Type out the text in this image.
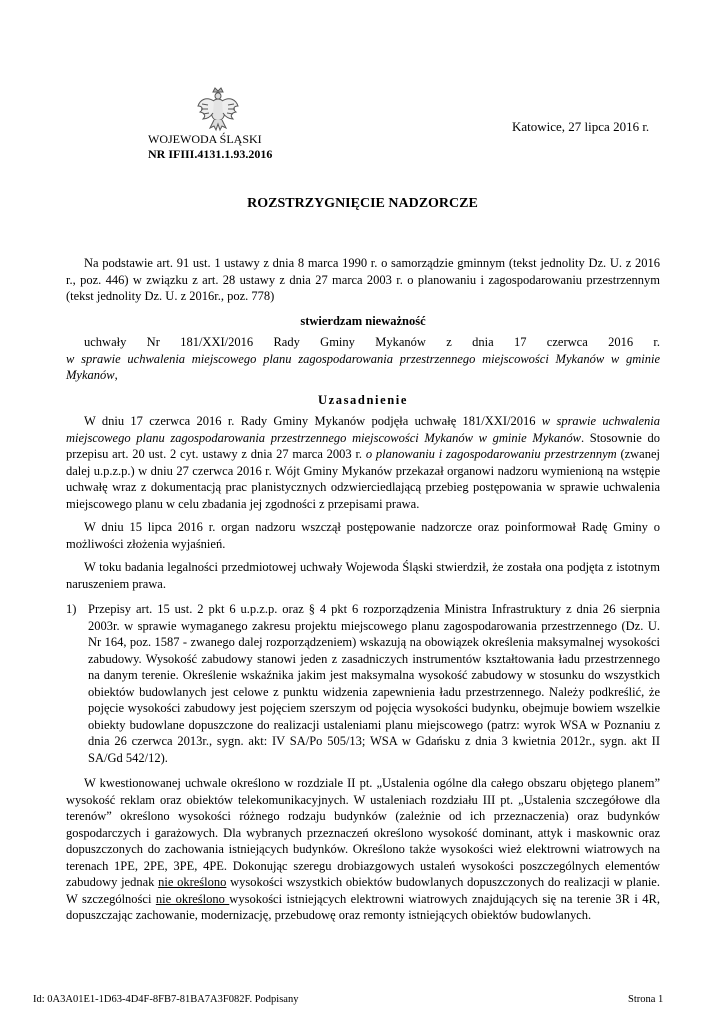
WOJEWODA ŚLĄSKI
NR IFIII.4131.1.93.2016
Katowice, 27 lipca 2016 r.
ROZSTRZYGNIĘCIE NADZORCZE

Na podstawie art. 91 ust. 1 ustawy z dnia 8 marca 1990 r. o samorządzie gminnym (tekst jednolity Dz. U. z 2016 r., poz. 446) w związku z art. 28 ustawy z dnia 27 marca 2003 r. o planowaniu i zagospodarowaniu przestrzennym (tekst jednolity Dz. U. z 2016r., poz. 778)

stwierdzam nieważność

uchwały Nr 181/XXI/2016 Rady Gminy Mykanów z dnia 17 czerwca 2016 r.

w sprawie uchwalenia miejscowego planu zagospodarowania przestrzennego miejscowości Mykanów w gminie Mykanów,

Uzasadnienie

W dniu 17 czerwca 2016 r. Rady Gminy Mykanów podjęła uchwałę 181/XXI/2016 w sprawie uchwalenia miejscowego planu zagospodarowania przestrzennego miejscowości Mykanów w gminie Mykanów. Stosownie do przepisu art. 20 ust. 2 cyt. ustawy z dnia 27 marca 2003 r. o planowaniu i zagospodarowaniu przestrzennym (zwanej dalej u.p.z.p.) w dniu 27 czerwca 2016 r. Wójt Gminy Mykanów przekazał organowi nadzoru wymienioną na wstępie uchwałę wraz z dokumentacją prac planistycznych odzwierciedlającą przebieg postępowania w sprawie uchwalenia miejscowego planu w celu zbadania jej zgodności z przepisami prawa.

W dniu 15 lipca 2016 r. organ nadzoru wszczął postępowanie nadzorcze oraz poinformował Radę Gminy o możliwości złożenia wyjaśnień.

W toku badania legalności przedmiotowej uchwały Wojewoda Śląski stwierdził, że została ona podjęta z istotnym naruszeniem prawa.

1) Przepisy art. 15 ust. 2 pkt 6 u.p.z.p. oraz § 4 pkt 6 rozporządzenia Ministra Infrastruktury z dnia 26 sierpnia 2003r. w sprawie wymaganego zakresu projektu miejscowego planu zagospodarowania przestrzennego (Dz. U. Nr 164, poz. 1587 - zwanego dalej rozporządzeniem) wskazują na obowiązek określenia maksymalnej wysokości zabudowy. Wysokość zabudowy stanowi jeden z zasadniczych instrumentów kształtowania ładu przestrzennego na danym terenie. Określenie wskaźnika jakim jest maksymalna wysokość zabudowy w stosunku do wszystkich obiektów budowlanych jest celowe z punktu widzenia zapewnienia ładu przestrzennego. Należy podkreślić, że pojęcie wysokości zabudowy jest pojęciem szerszym od pojęcia wysokości budynku, obejmuje bowiem wszelkie obiekty budowlane dopuszczone do realizacji ustaleniami planu miejscowego (patrz: wyrok WSA w Poznaniu z dnia 26 czerwca 2013r., sygn. akt: IV SA/Po 505/13; WSA w Gdańsku z dnia 3 kwietnia 2012r., sygn. akt II SA/Gd 542/12).

W kwestionowanej uchwale określono w rozdziale II pt. „Ustalenia ogólne dla całego obszaru objętego planem” wysokość reklam oraz obiektów telekomunikacyjnych. W ustaleniach rozdziału III pt. „Ustalenia szczegółowe dla terenów” określono wysokości różnego rodzaju budynków (zależnie od ich przeznaczenia) oraz budynków gospodarczych i garażowych. Dla wybranych przeznaczeń określono wysokość dominant, attyk i maskownic oraz dopuszczonych do zachowania istniejących budynków. Określono także wysokości wież elektrowni wiatrowych na terenach 1PE, 2PE, 3PE, 4PE. Dokonując szeregu drobiazgowych ustaleń wysokości poszczególnych elementów zabudowy jednak nie określono wysokości wszystkich obiektów budowlanych dopuszczonych do realizacji w planie. W szczególności nie określono wysokości istniejących elektrowni wiatrowych znajdujących się na terenie 3R i 4R, dopuszczając zachowanie, modernizację, przebudowę oraz remonty istniejących obiektów budowlanych.

Id: 0A3A01E1-1D63-4D4F-8FB7-81BA7A3F082F. Podpisany	Strona 1
